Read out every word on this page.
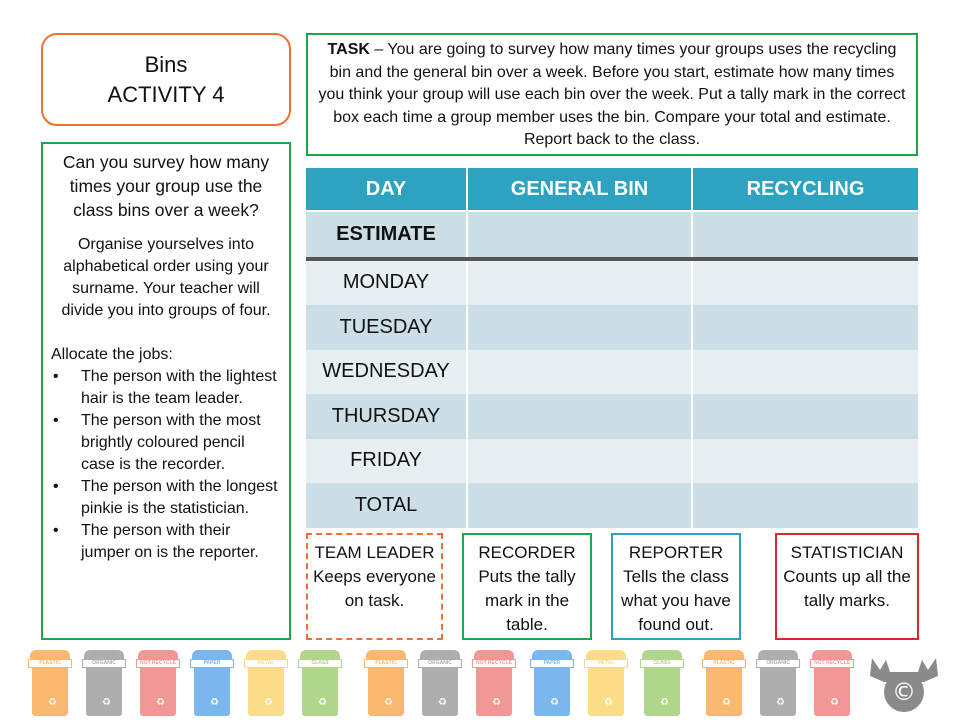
Bins
ACTIVITY 4
Can you survey how many times your group use the class bins over a week?
Organise yourselves into alphabetical order using your surname. Your teacher will divide you into groups of four.
Allocate the jobs:
• The person with the lightest hair is the team leader.
• The person with the most brightly coloured pencil case is the recorder.
• The person with the longest pinkie is the statistician.
• The person with their jumper on is the reporter.
TASK – You are going to survey how many times your groups uses the recycling bin and the general bin over a week. Before you start, estimate how many times you think your group will use each bin over the week. Put a tally mark in the correct box each time a group member uses the bin. Compare your total and estimate. Report back to the class.
DAY	GENERAL BIN	RECYCLING
ESTIMATE
MONDAY
TUESDAY
WEDNESDAY
THURSDAY
FRIDAY
TOTAL
TEAM LEADER
Keeps everyone on task.
RECORDER
Puts the tally mark in the table.
REPORTER
Tells the class what you have found out.
STATISTICIAN
Counts up all the tally marks.
PLASTIC
♻
ORGANIC
♻
NOT RECYCLE
♻
PAPER
♻
METAL
♻
GLASS
♻
PLASTIC
♻
ORGANIC
♻
NOT RECYCLE
♻
PAPER
♻
METAL
♻
GLASS
♻
PLASTIC
♻
ORGANIC
♻
NOT RECYCLE
♻ ©
